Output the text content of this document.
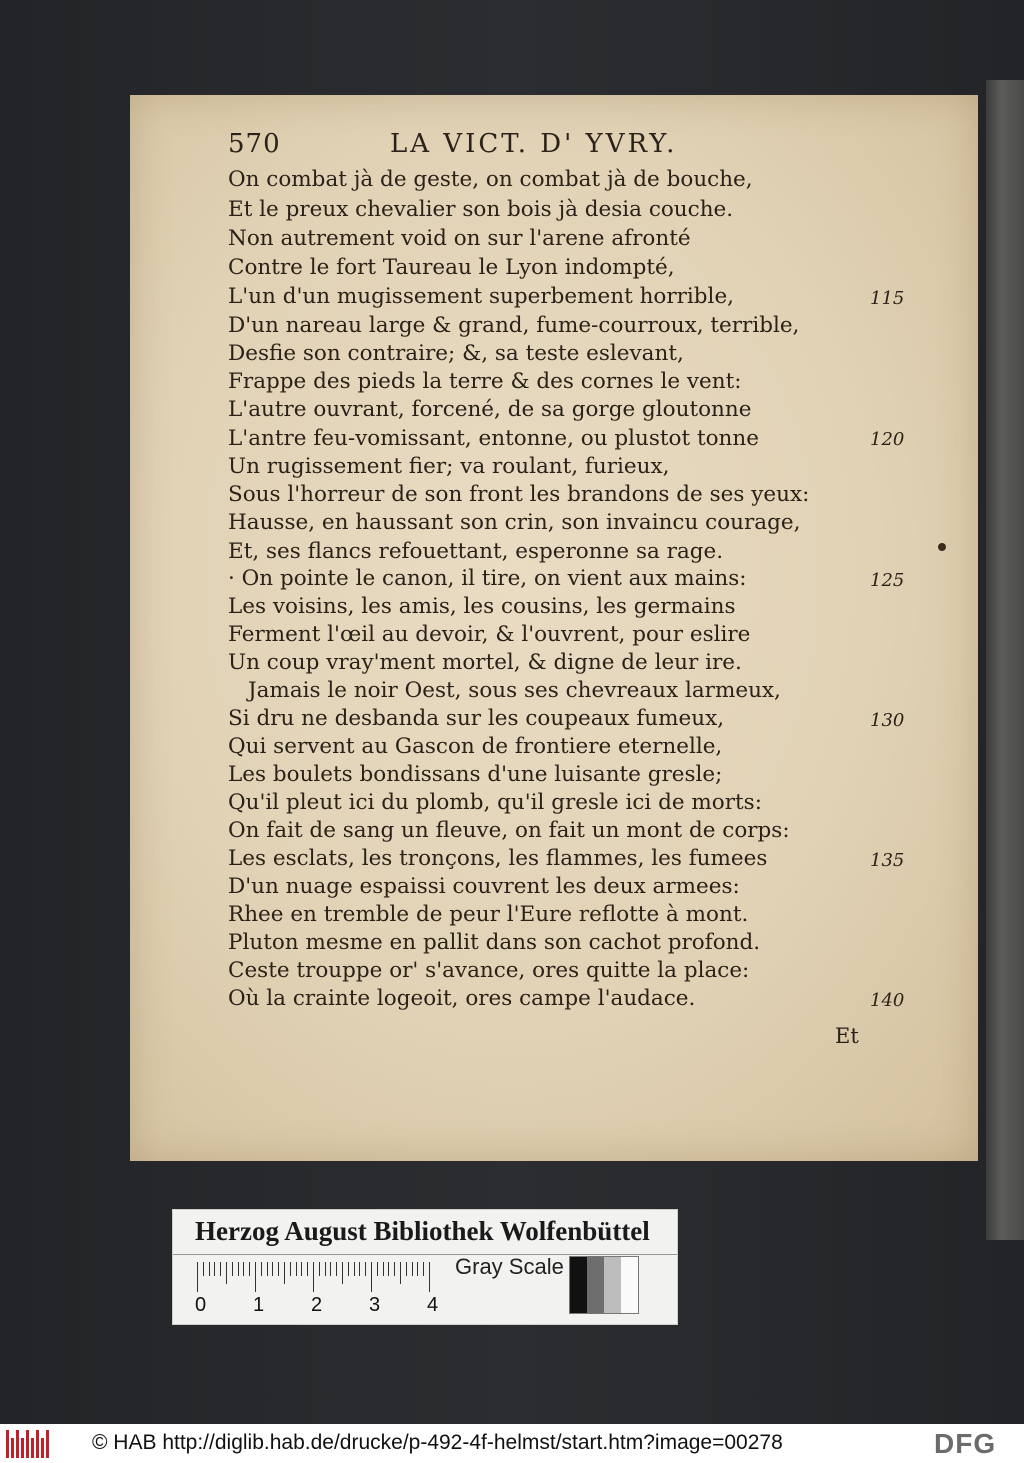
570	LA VICT. D' YVRY.
On combat jà de geste, on combat jà de bouche,
Et le preux chevalier son bois jà desia couche.
Non autrement void on sur l'arene afronté
Contre le fort Taureau le Lyon indompté,
L'un d'un mugissement superbement horrible,
D'un nareau large & grand, fume-courroux, terrible,
Desfie son contraire; &, sa teste eslevant,
Frappe des pieds la terre & des cornes le vent:
L'autre ouvrant, forcené, de sa gorge gloutonne
L'antre feu-vomissant, entonne, ou plustot tonne
Un rugissement fier; va roulant, furieux,
Sous l'horreur de son front les brandons de ses yeux:
Hausse, en haussant son crin, son invaincu courage,
Et, ses flancs refouettant, esperonne sa rage.
· On pointe le canon, il tire, on vient aux mains:
Les voisins, les amis, les cousins, les germains
Ferment l'œil au devoir, & l'ouvrent, pour eslire
Un coup vray'ment mortel, & digne de leur ire.
Jamais le noir Oest, sous ses chevreaux larmeux,
Si dru ne desbanda sur les coupeaux fumeux,
Qui servent au Gascon de frontiere eternelle,
Les boulets bondissans d'une luisante gresle;
Qu'il pleut ici du plomb, qu'il gresle ici de morts:
On fait de sang un fleuve, on fait un mont de corps:
Les esclats, les tronçons, les flammes, les fumees
D'un nuage espaissi couvrent les deux armees:
Rhee en tremble de peur l'Eure reflotte à mont.
Pluton mesme en pallit dans son cachot profond.
Ceste trouppe or' s'avance, ores quitte la place:
Où la crainte logeoit, ores campe l'audace.
115
120
125
130
135
140
Et
Herzog August Bibliothek Wolfenbüttel
0 1 2 3 4
Gray Scale
© HAB http://diglib.hab.de/drucke/p-492-4f-helmst/start.htm?image=00278	DFG
